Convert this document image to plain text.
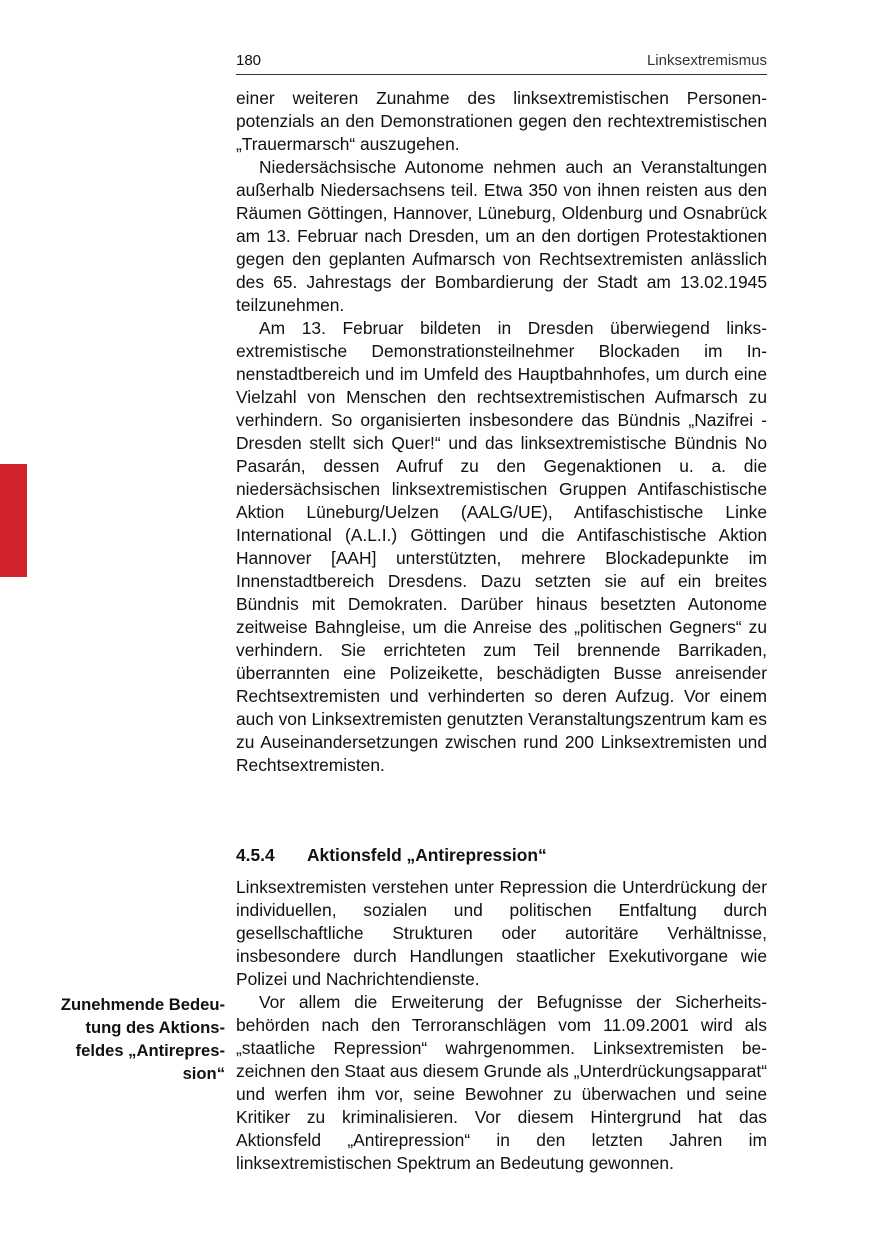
180	Linksextremismus

einer weiteren Zunahme des linksextremistischen Personenpotenzials an den Demonstrationen gegen den rechtextremistischen „Trauermarsch“ auszugehen.

Niedersächsische Autonome nehmen auch an Veranstaltungen außerhalb Niedersachsens teil. Etwa 350 von ihnen reisten aus den Räumen Göttingen, Hannover, Lüneburg, Oldenburg und Osnabrück am 13. Februar nach Dresden, um an den dortigen Protestaktionen gegen den geplanten Aufmarsch von Rechtsextremisten anlässlich des 65. Jahrestags der Bombardierung der Stadt am 13.02.1945 teilzunehmen.

Am 13. Februar bildeten in Dresden überwiegend linksextremistische Demonstrationsteilnehmer Blockaden im Innenstadtbereich und im Umfeld des Hauptbahnhofes, um durch eine Vielzahl von Menschen den rechtsextremistischen Aufmarsch zu verhindern. So organisierten insbesondere das Bündnis „Nazifrei - Dresden stellt sich Quer!“ und das linksextremistische Bündnis No Pasarán, dessen Aufruf zu den Gegenaktionen u. a. die niedersächsischen linksextremistischen Gruppen Antifaschistische Aktion Lüneburg/Uelzen (AALG/UE), Antifaschistische Linke International (A.L.I.) Göttingen und die Antifaschistische Aktion Hannover [AAH] unterstützten, mehrere Blockadepunkte im Innenstadtbereich Dresdens. Dazu setzten sie auf ein breites Bündnis mit Demokraten. Darüber hinaus besetzten Autonome zeitweise Bahngleise, um die Anreise des „politischen Gegners“ zu verhindern. Sie errichteten zum Teil brennende Barrikaden, überrannten eine Polizeikette, beschädigten Busse anreisender Rechtsextremisten und verhinderten so deren Aufzug. Vor einem auch von Linksextremisten genutzten Veranstaltungszentrum kam es zu Auseinandersetzungen zwischen rund 200 Linksextremisten und Rechtsextremisten.

4.5.4 Aktionsfeld „Antirepression“

Linksextremisten verstehen unter Repression die Unterdrückung der individuellen, sozialen und politischen Entfaltung durch gesellschaftliche Strukturen oder autoritäre Verhältnisse, insbesondere durch Handlungen staatlicher Exekutivorgane wie Polizei und Nachrichtendienste.

Vor allem die Erweiterung der Befugnisse der Sicherheitsbehörden nach den Terroranschlägen vom 11.09.2001 wird als „staatliche Repression“ wahrgenommen. Linksextremisten bezeichnen den Staat aus diesem Grunde als „Unterdrückungsapparat“ und werfen ihm vor, seine Bewohner zu überwachen und seine Kritiker zu kriminalisieren. Vor diesem Hintergrund hat das Aktionsfeld „Antirepression“ in den letzten Jahren im linksextremistischen Spektrum an Bedeutung gewonnen.

Zunehmende Bedeu-
tung des Aktions-
feldes „Antirepres-
sion“
